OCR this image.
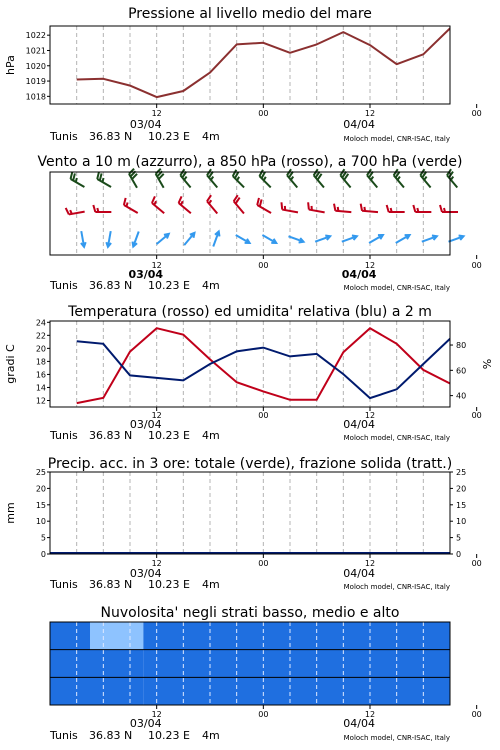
Pressione al livello medio del mare
1018
1019
1020
1021
1022
hPa
12	00	12	00
03/04	04/04
Tunis 36.83 N 10.23 E 4m	Moloch model, CNR-ISAC, Italy
Vento a 10 m (azzurro), a 850 hPa (rosso), a 700 hPa (verde)
12	00	12	00
03/04	04/04
Tunis 36.83 N 10.23 E 4m	Moloch model, CNR-ISAC, Italy
Temperatura (rosso) ed umidita' relativa (blu) a 2 m
12
14
16
18
20
22
24
40
60
80
gradi C	%
12	00	12	00
03/04	04/04
Tunis 36.83 N 10.23 E 4m	Moloch model, CNR-ISAC, Italy
Precip. acc. in 3 ore: totale (verde), frazione solida (tratt.)
0
5
10
15
20
25
0
5
10
15
20
25
mm
12	00	12	00
03/04	04/04
Tunis 36.83 N 10.23 E 4m	Moloch model, CNR-ISAC, Italy
Nuvolosita' negli strati basso, medio e alto
12	00	12	00
03/04	04/04
Tunis 36.83 N 10.23 E 4m	Moloch model, CNR-ISAC, Italy
